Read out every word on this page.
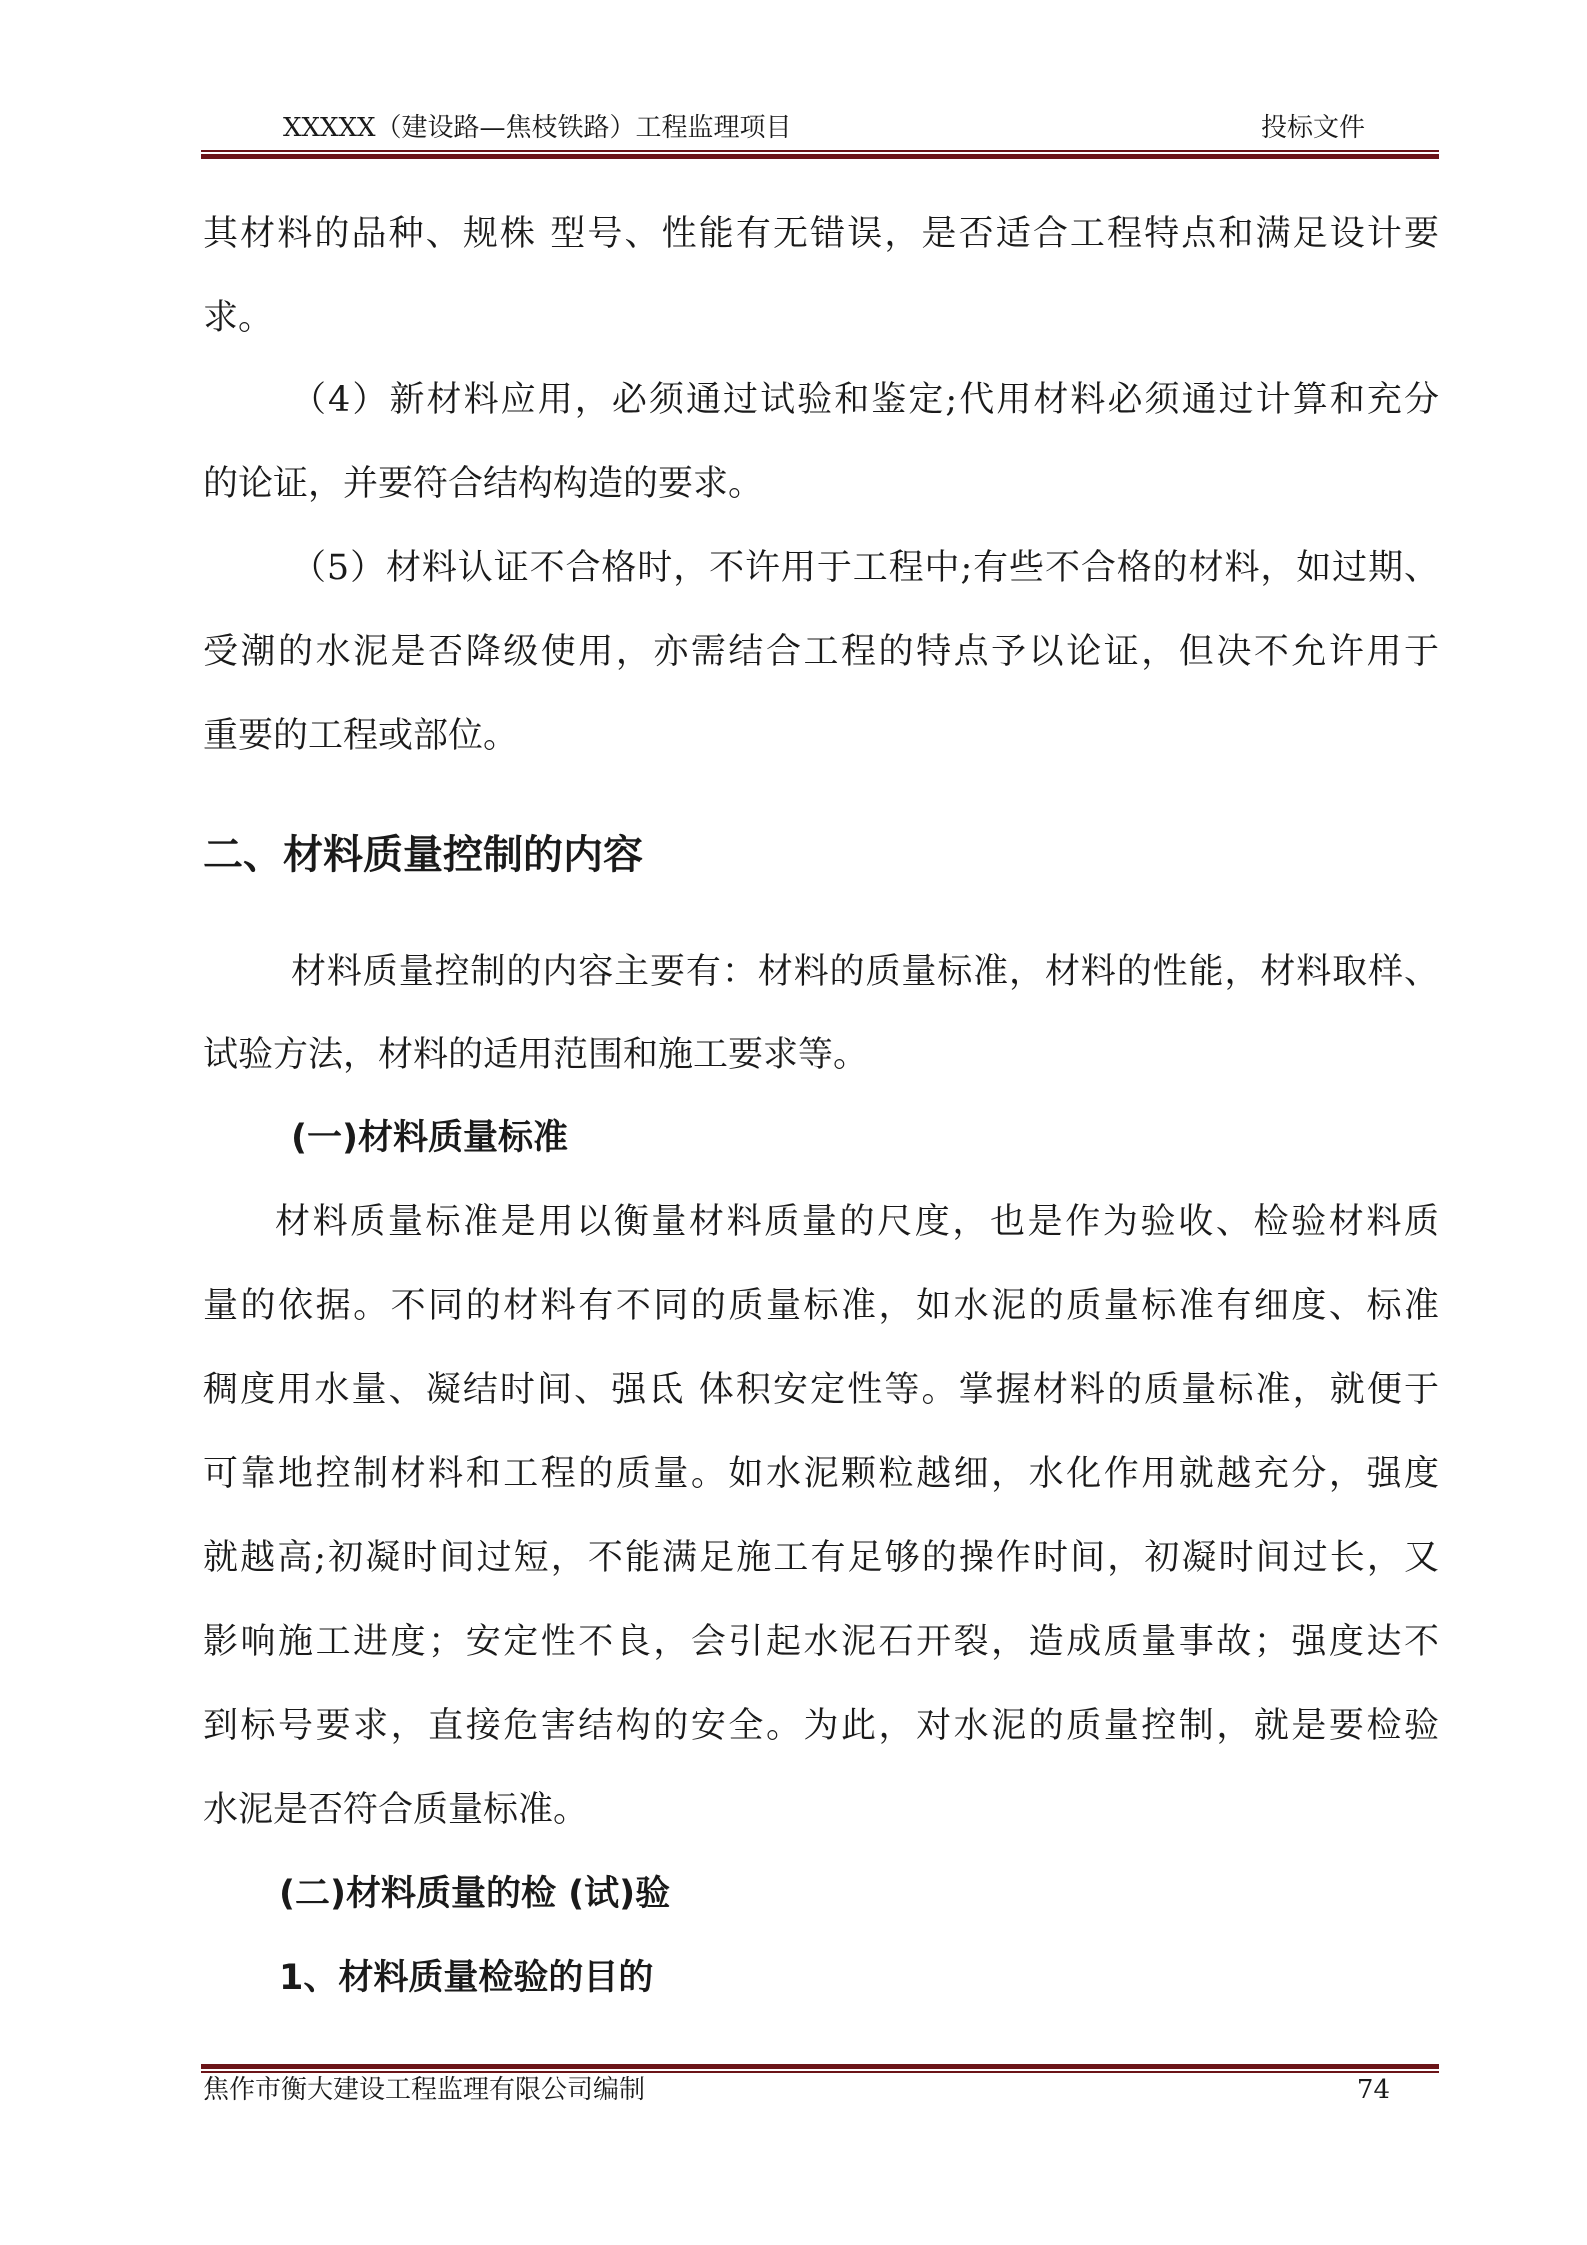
XXXXX（建设路—焦枝铁路）工程监理项目	投标文件
其材料的品种、规株 型号、性能有无错误，是否适合工程特点和满足设计要
求。
（4）新材料应用，必须通过试验和鉴定;代用材料必须通过计算和充分
的论证，并要符合结构构造的要求。
（5）材料认证不合格时，不许用于工程中;有些不合格的材料，如过期、
受潮的水泥是否降级使用，亦需结合工程的特点予以论证，但决不允许用于
重要的工程或部位。
二、材料质量控制的内容
材料质量控制的内容主要有：材料的质量标准，材料的性能，材料取样、
试验方法，材料的适用范围和施工要求等。
(一)材料质量标准
材料质量标准是用以衡量材料质量的尺度，也是作为验收、检验材料质
量的依据。不同的材料有不同的质量标准，如水泥的质量标准有细度、标准
稠度用水量、凝结时间、强氐 体积安定性等。掌握材料的质量标准，就便于
可靠地控制材料和工程的质量。如水泥颗粒越细，水化作用就越充分，强度
就越高;初凝时间过短，不能满足施工有足够的操作时间，初凝时间过长，又
影响施工进度；安定性不良，会引起水泥石开裂，造成质量事故；强度达不
到标号要求，直接危害结构的安全。为此，对水泥的质量控制，就是要检验
水泥是否符合质量标准。
(二)材料质量的检 (试)验
1、材料质量检验的目的
焦作市衡大建设工程监理有限公司编制	74
